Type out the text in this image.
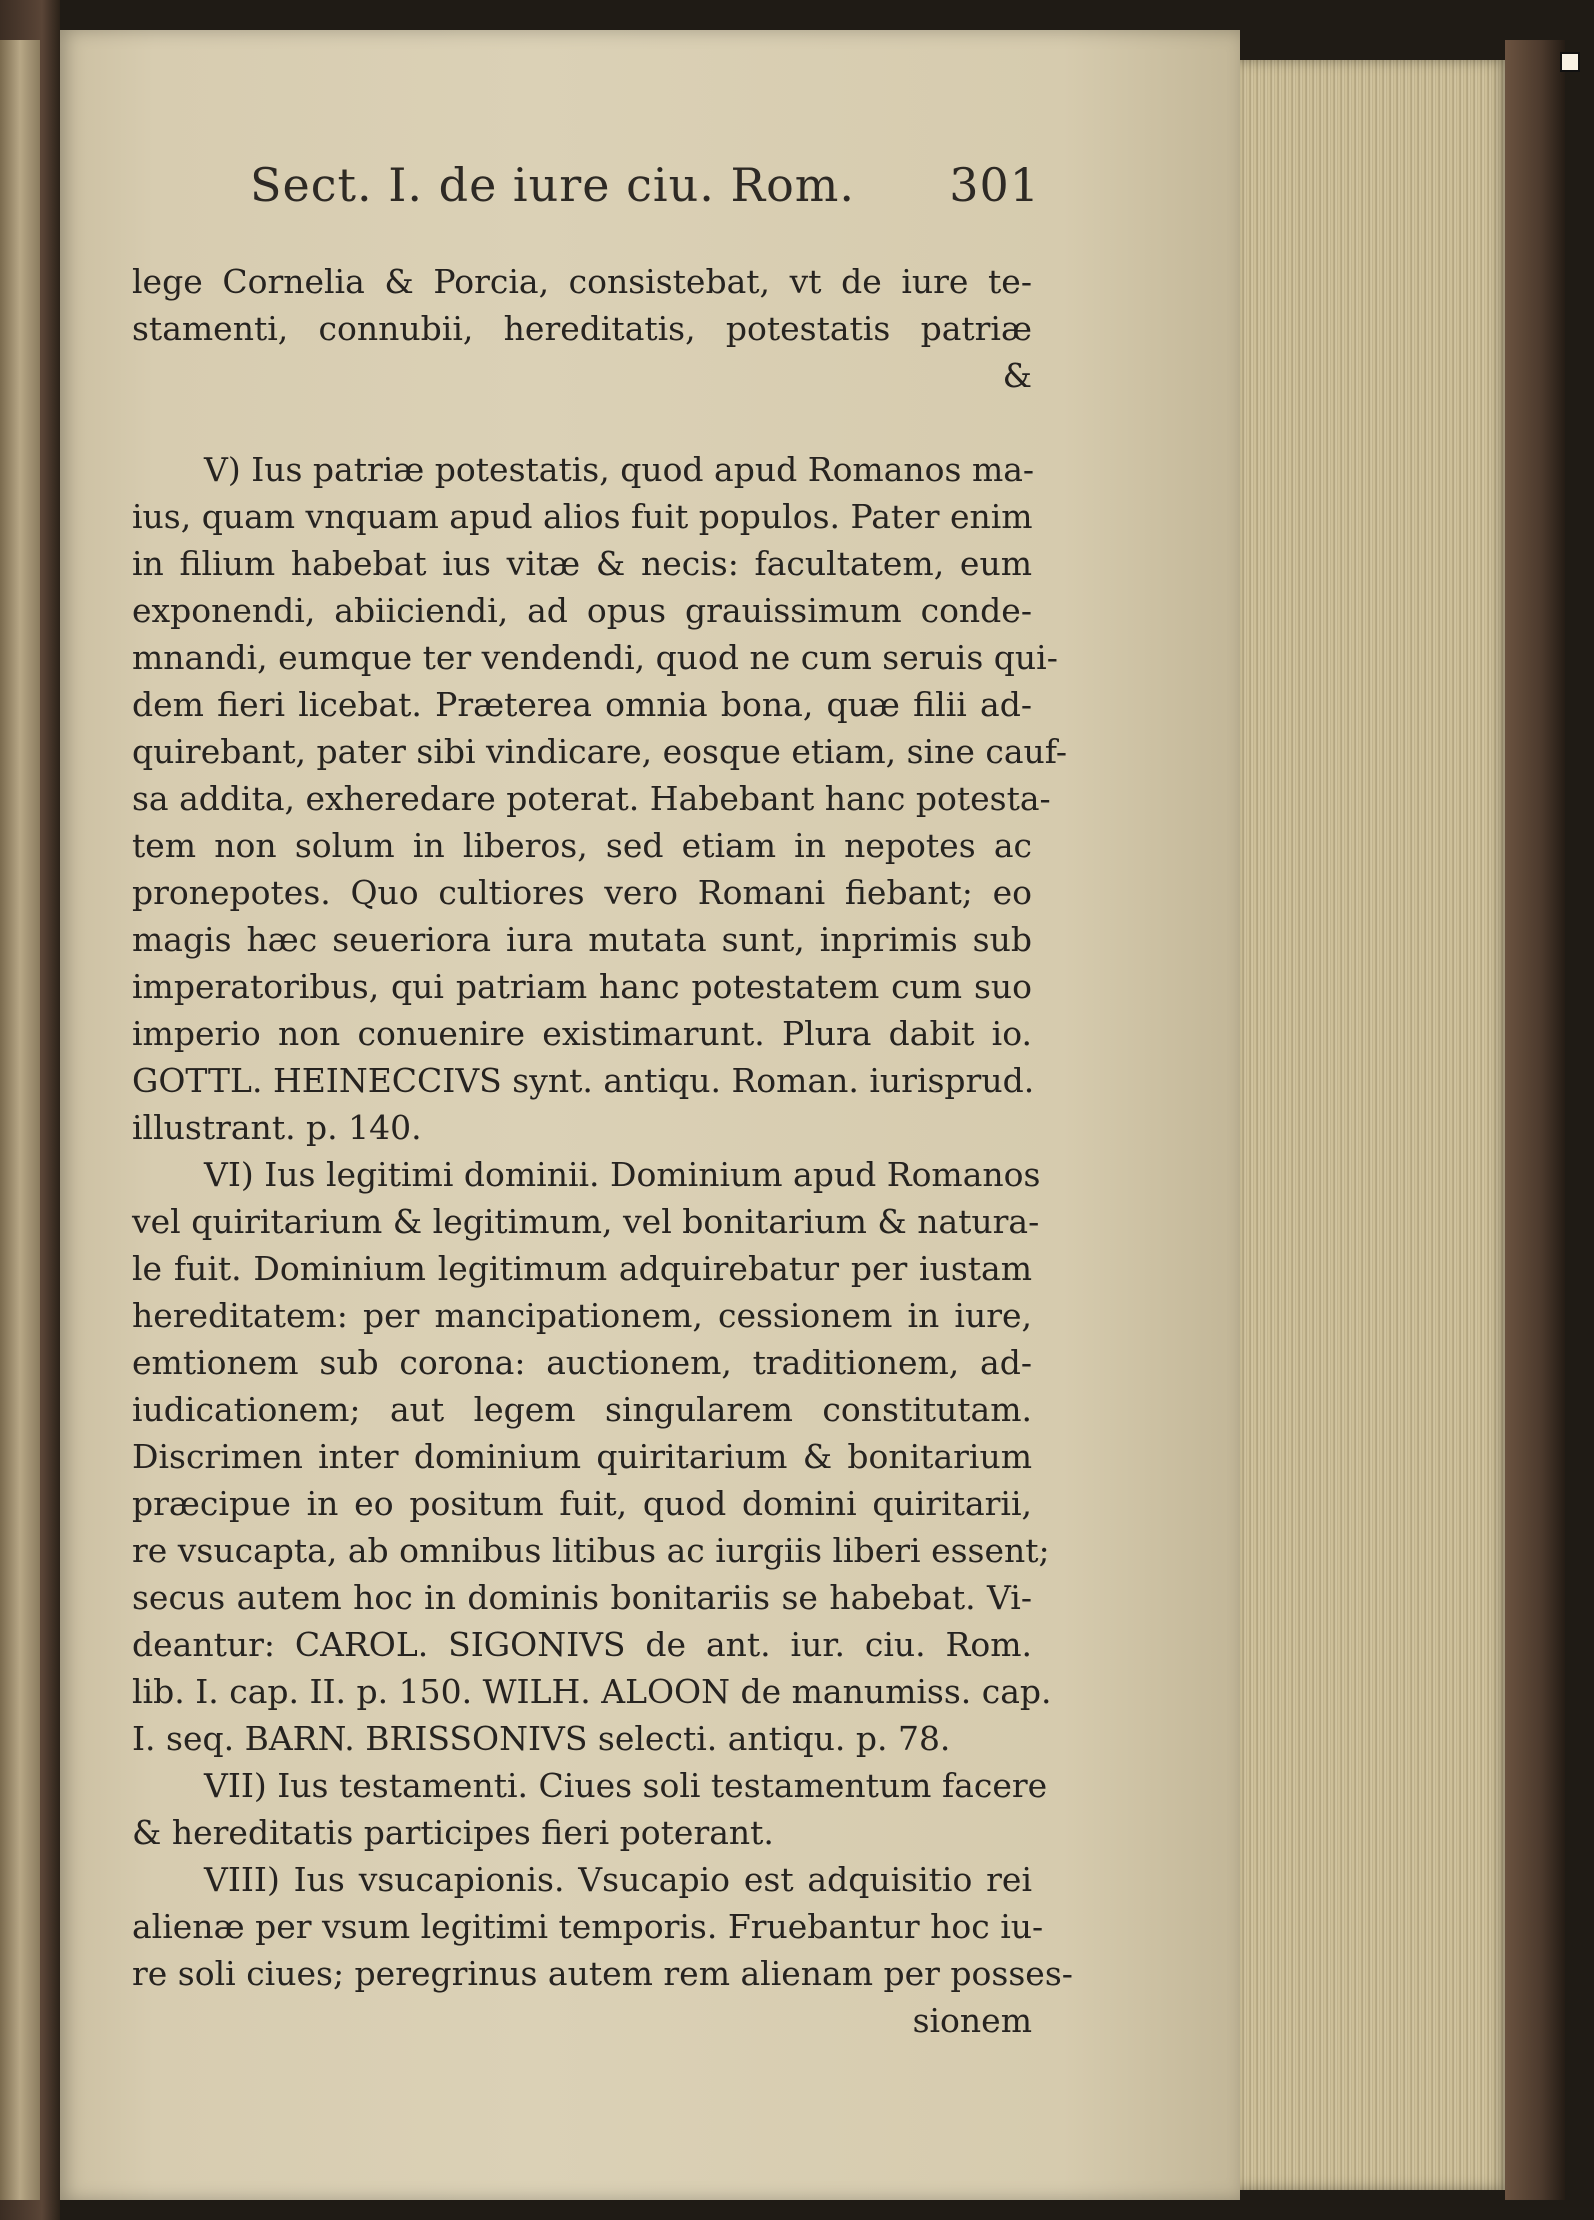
Sect. I. de iure ciu. Rom. 301
lege Cornelia & Porcia, consistebat, vt de iure te-
stamenti, connubii, hereditatis, potestatis patriæ
&
V) Ius patriæ potestatis, quod apud Romanos ma-
ius, quam vnquam apud alios fuit populos. Pater enim
in filium habebat ius vitæ & necis: facultatem, eum
exponendi, abiiciendi, ad opus grauissimum conde-
mnandi, eumque ter vendendi, quod ne cum seruis qui-
dem fieri licebat. Præterea omnia bona, quæ filii ad-
quirebant, pater sibi vindicare, eosque etiam, sine cauf-
sa addita, exheredare poterat. Habebant hanc potesta-
tem non solum in liberos, sed etiam in nepotes ac
pronepotes. Quo cultiores vero Romani fiebant; eo
magis hæc seueriora iura mutata sunt, inprimis sub
imperatoribus, qui patriam hanc potestatem cum suo
imperio non conuenire existimarunt. Plura dabit io.
GOTTL. HEINECCIVS synt. antiqu. Roman. iurisprud.
illustrant. p. 140.
VI) Ius legitimi dominii. Dominium apud Romanos
vel quiritarium & legitimum, vel bonitarium & natura-
le fuit. Dominium legitimum adquirebatur per iustam
hereditatem: per mancipationem, cessionem in iure,
emtionem sub corona: auctionem, traditionem, ad-
iudicationem; aut legem singularem constitutam.
Discrimen inter dominium quiritarium & bonitarium
præcipue in eo positum fuit, quod domini quiritarii,
re vsucapta, ab omnibus litibus ac iurgiis liberi essent;
secus autem hoc in dominis bonitariis se habebat. Vi-
deantur: CAROL. SIGONIVS de ant. iur. ciu. Rom.
lib. I. cap. II. p. 150. WILH. ALOON de manumiss. cap.
I. seq. BARN. BRISSONIVS selecti. antiqu. p. 78.
VII) Ius testamenti. Ciues soli testamentum facere
& hereditatis participes fieri poterant.
VIII) Ius vsucapionis. Vsucapio est adquisitio rei
alienæ per vsum legitimi temporis. Fruebantur hoc iu-
re soli ciues; peregrinus autem rem alienam per posses-
sionem
